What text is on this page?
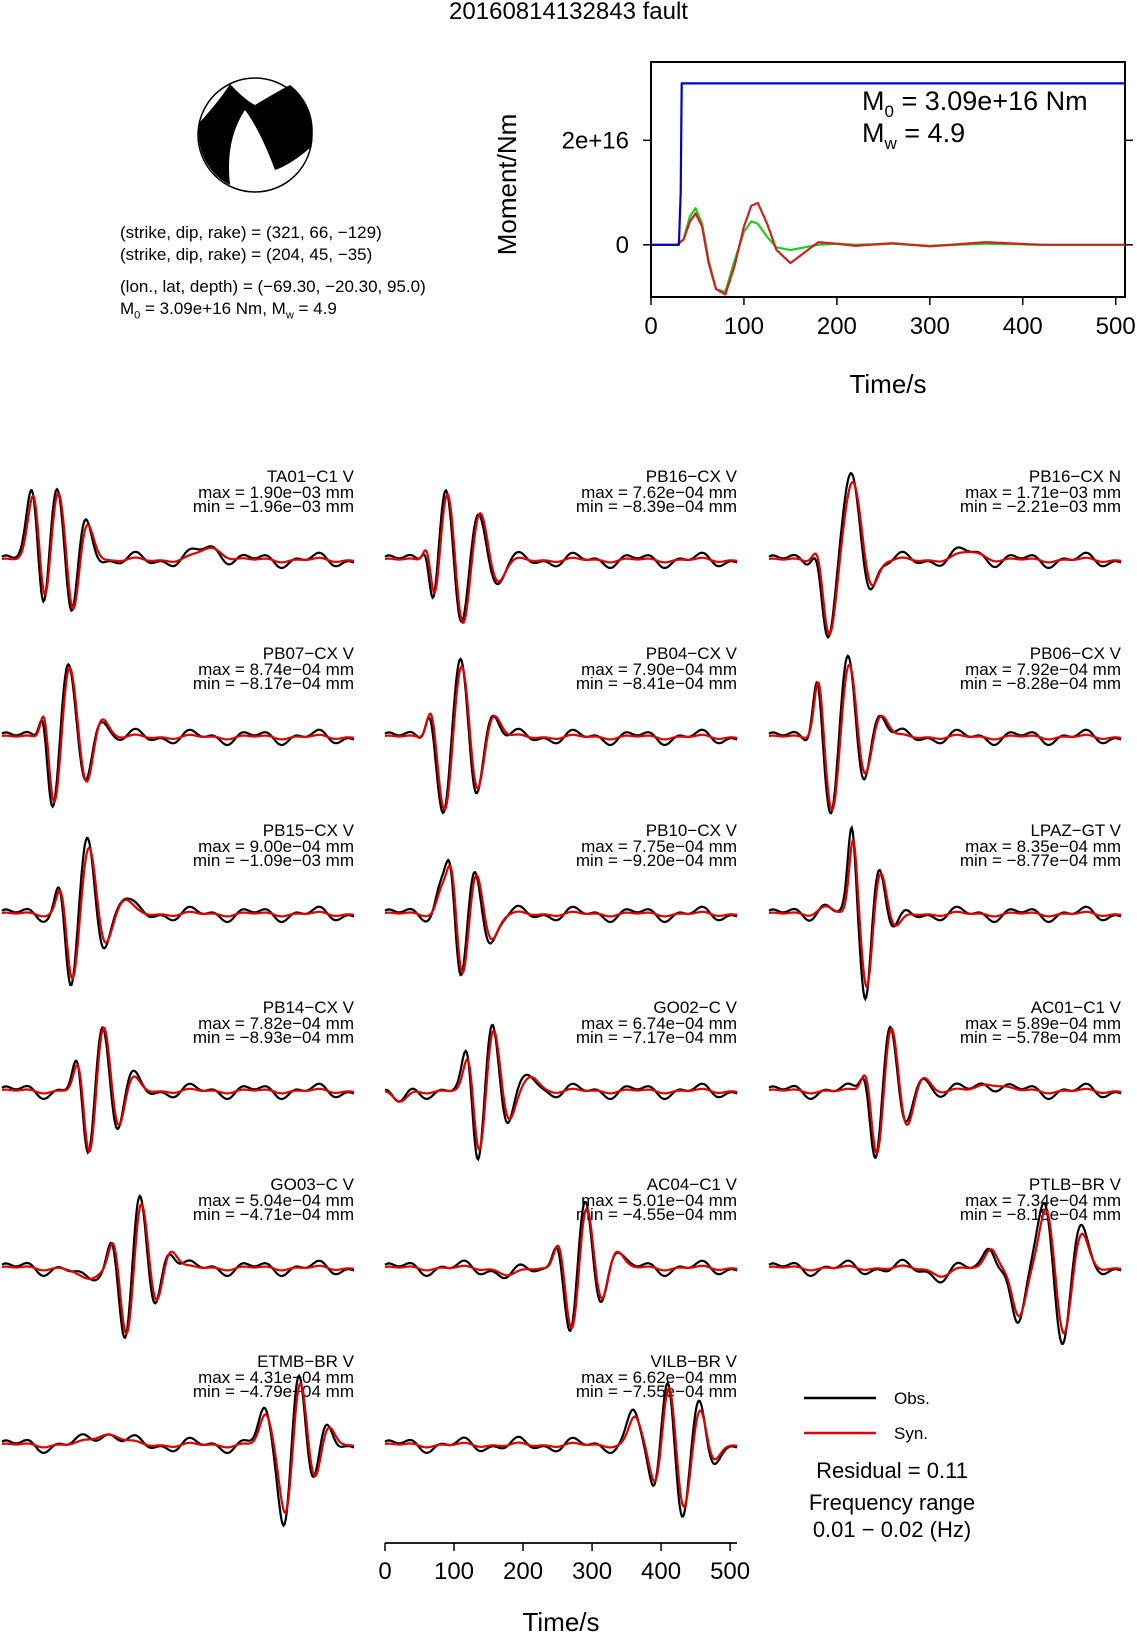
20160814132843 fault
(strike, dip, rake) = (321, 66, −129)
(strike, dip, rake) = (204, 45, −35)
(lon., lat, depth) = (−69.30, −20.30, 95.0)
$M_0 = 3.09e+16$ Nm, $M_w = 4.9$
0	100 200 300 400 500
0
2e+16
Time/s
Moment/Nm
$M_0 = 3.09e+16$ Nm
$M_w = 4.9$
TA01−C1 V
max = 1.90e−03 mm
min = −1.96e−03 mm
PB16−CX V
max = 7.62e−04 mm
min = −8.39e−04 mm
PB16−CX N
max = 1.71e−03 mm
min = −2.21e−03 mm
PB07−CX V
max = 8.74e−04 mm
min = −8.17e−04 mm
PB04−CX V
max = 7.90e−04 mm
min = −8.41e−04 mm
PB06−CX V
max = 7.92e−04 mm
min = −8.28e−04 mm
PB15−CX V
max = 9.00e−04 mm
min = −1.09e−03 mm
PB10−CX V
max = 7.75e−04 mm
min = −9.20e−04 mm
LPAZ−GT V
max = 8.35e−04 mm
min = −8.77e−04 mm
PB14−CX V
max = 7.82e−04 mm
min = −8.93e−04 mm
GO02−C V
max = 6.74e−04 mm
min = −7.17e−04 mm
AC01−C1 V
max = 5.89e−04 mm
min = −5.78e−04 mm
GO03−C V
max = 5.04e−04 mm
min = −4.71e−04 mm
AC04−C1 V
max = 5.01e−04 mm
min = −4.55e−04 mm
PTLB−BR V
max = 7.34e−04 mm
min = −8.18e−04 mm
ETMB−BR V
max = 4.31e−04 mm
min = −4.79e−04 mm
VILB−BR V
max = 6.62e−04 mm
min = −7.55e−04 mm
0 100 200 300 400 500
Time/s
Obs.
Syn.
Residual = 0.11
Frequency range
0.01 − 0.02 (Hz)
